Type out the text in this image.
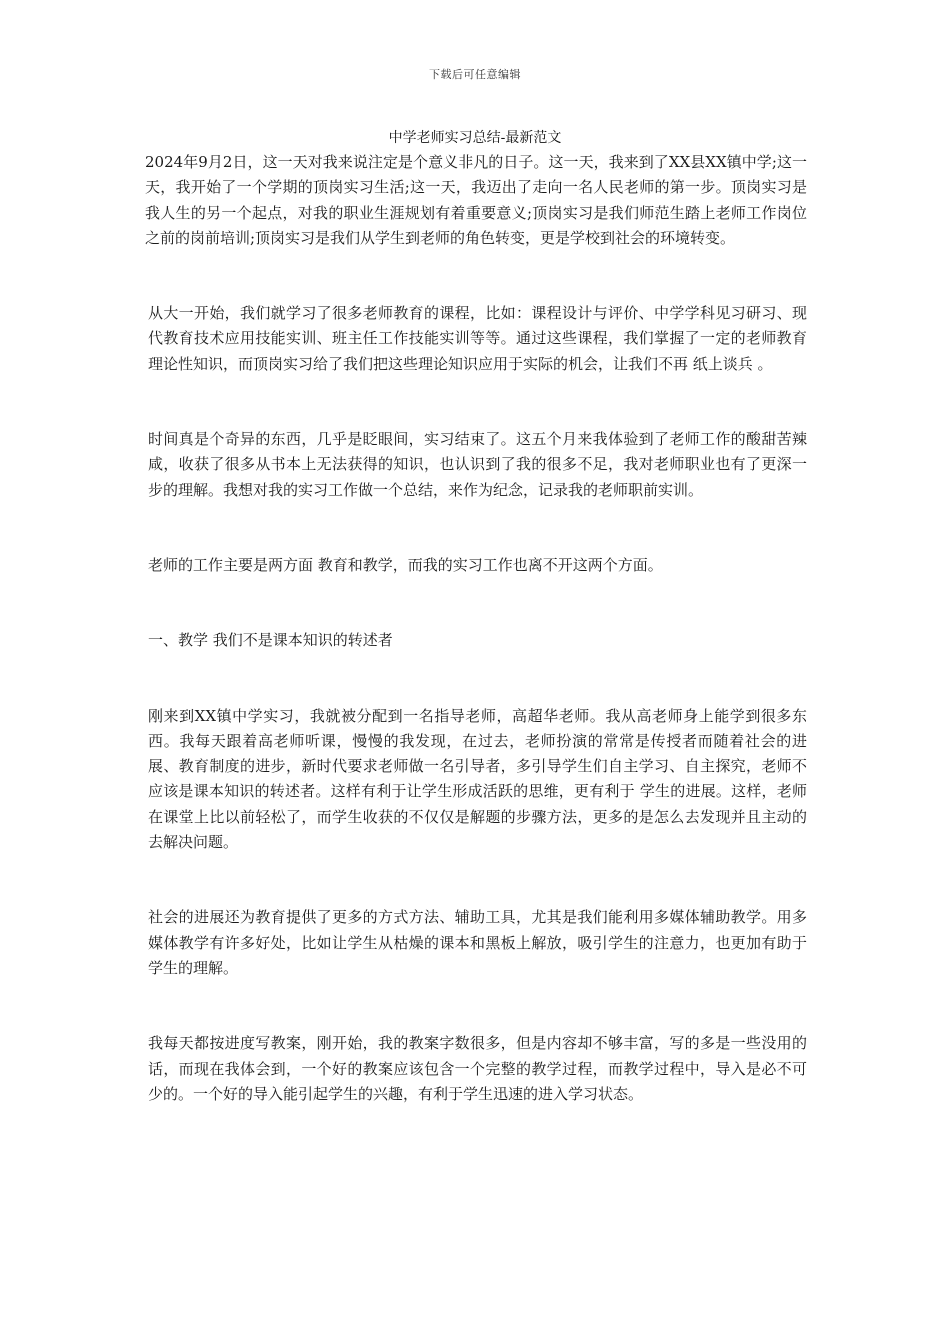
下载后可任意编辑
中学老师实习总结-最新范文

2024年9月2日，这一天对我来说注定是个意义非凡的日子。这一天，我来到了XX县XX镇中学;这一天，我开始了一个学期的顶岗实习生活;这一天，我迈出了走向一名人民老师的第一步。顶岗实习是我人生的另一个起点，对我的职业生涯规划有着重要意义;顶岗实习是我们师范生踏上老师工作岗位之前的岗前培训;顶岗实习是我们从学生到老师的角色转变，更是学校到社会的环境转变。

从大一开始，我们就学习了很多老师教育的课程，比如：课程设计与评价、中学学科见习研习、现代教育技术应用技能实训、班主任工作技能实训等等。通过这些课程，我们掌握了一定的老师教育理论性知识，而顶岗实习给了我们把这些理论知识应用于实际的机会，让我们不再 纸上谈兵 。

时间真是个奇异的东西，几乎是眨眼间，实习结束了。这五个月来我体验到了老师工作的酸甜苦辣咸，收获了很多从书本上无法获得的知识，也认识到了我的很多不足，我对老师职业也有了更深一步的理解。我想对我的实习工作做一个总结，来作为纪念，记录我的老师职前实训。

老师的工作主要是两方面 教育和教学，而我的实习工作也离不开这两个方面。

一、教学 我们不是课本知识的转述者

刚来到XX镇中学实习，我就被分配到一名指导老师，高超华老师。我从高老师身上能学到很多东西。我每天跟着高老师听课，慢慢的我发现，在过去，老师扮演的常常是传授者而随着社会的进展、教育制度的进步，新时代要求老师做一名引导者，多引导学生们自主学习、自主探究，老师不应该是课本知识的转述者。这样有利于让学生形成活跃的思维，更有利于 学生的进展。这样，老师在课堂上比以前轻松了，而学生收获的不仅仅是解题的步骤方法，更多的是怎么去发现并且主动的去解决问题。

社会的进展还为教育提供了更多的方式方法、辅助工具，尤其是我们能利用多媒体辅助教学。用多媒体教学有许多好处，比如让学生从枯燥的课本和黑板上解放，吸引学生的注意力，也更加有助于学生的理解。

我每天都按进度写教案，刚开始，我的教案字数很多，但是内容却不够丰富，写的多是一些没用的话，而现在我体会到，一个好的教案应该包含一个完整的教学过程，而教学过程中，导入是必不可少的。一个好的导入能引起学生的兴趣，有利于学生迅速的进入学习状态。
